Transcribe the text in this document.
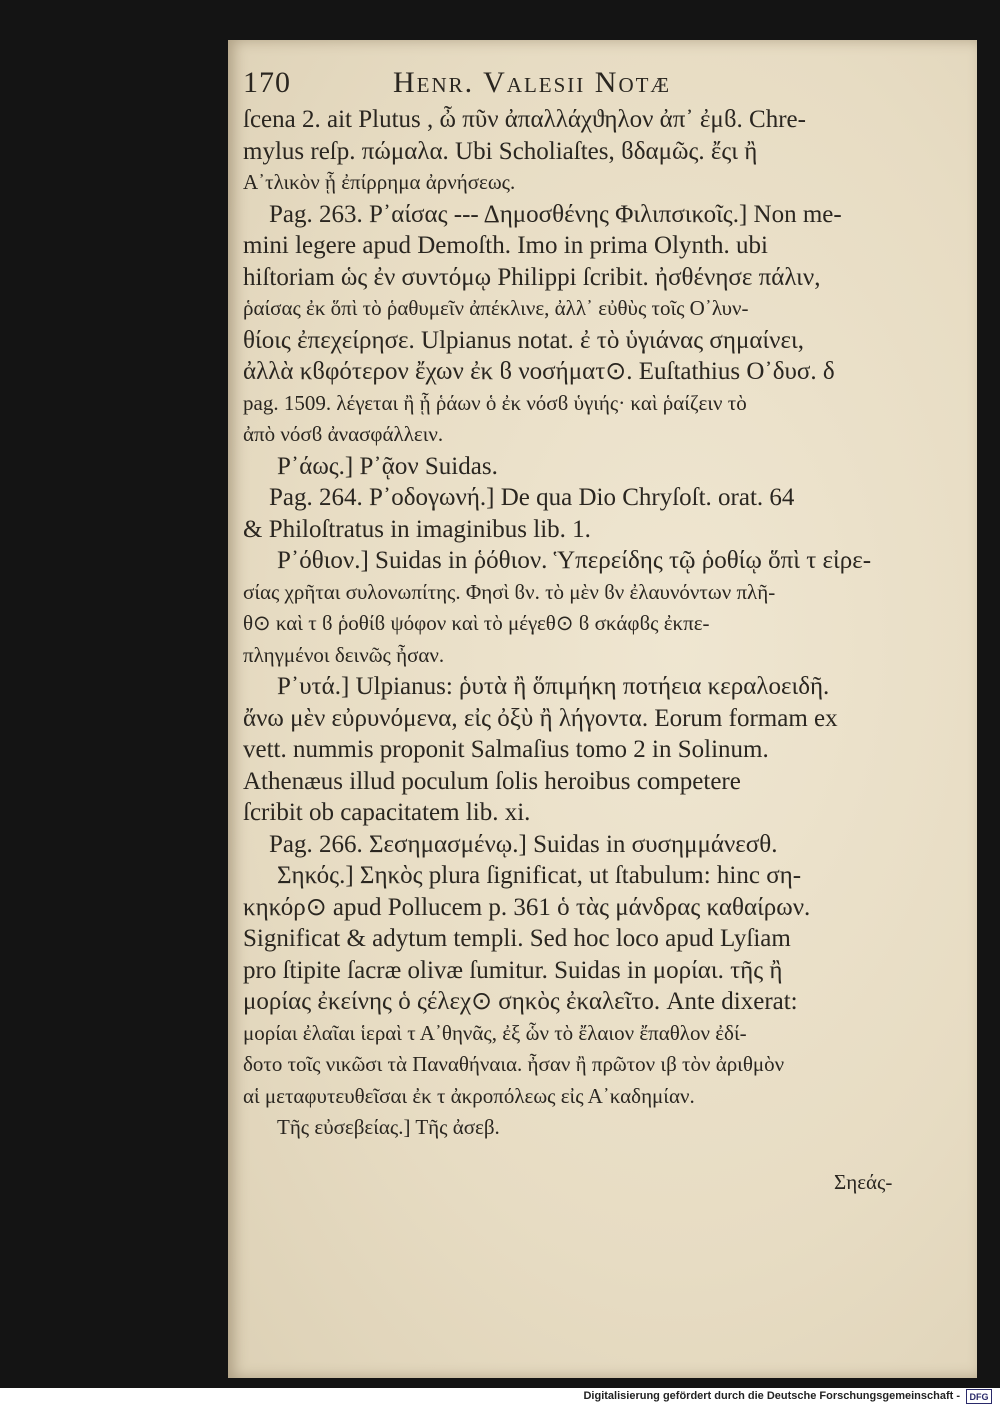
170	Henr. Valesii Notæ
ſcena 2. ait Plutus , ὦ πῦν ἀπαλλάχϑηλον ἀπ᾽ ἐμϐ. Chre-
mylus reſp. πώμαλα. Ubi Scholiaſtes, ϐδαμῶς. ἔςι ἢ
Α᾽τλικὸν ᾗ ἐπίρρημα ἀρνήσεως.
Pag. 263. Ρ᾽αίσας --- Δημοσθένης Φιλιπσικοῖς.] Non me-
mini legere apud Demoſth. Imo in prima Olynth. ubi
hiſtoriam ὡς ἐν συντόμῳ Philippi ſcribit. ἠσθένησε πάλιν,
ῥαίσας ἐκ ὅπὶ τὸ ῥαθυμεῖν ἀπέκλινε, ἀλλ᾽ εὐθὺς τοῖς Ο᾽λυν-
θίοις ἐπεχείρησε. Ulpianus notat. ἐ τὸ ὑγιάνας σημαίνει,
ἀλλὰ κϐφότερον ἔχων ἐκ ϐ νοσήματ⊙. Euſtathius Ο᾽δυσ. δ
pag. 1509. λέγεται ἢ ᾗ ῥάων ὁ ἐκ νόσϐ ὑγιής· καὶ ῥαίζειν τὸ
ἀπὸ νόσϐ ἀνασφάλλειν.
Ρ᾽άως.] Ρ᾽ᾷον Suidas.
Pag. 264. Ρ᾽οδογωνή.] De qua Dio Chryſoſt. orat. 64
& Philoſtratus in imaginibus lib. 1.
Ρ᾽όθιον.] Suidas in ῥόθιον. Ὑπερείδης τῷ ῥοθίῳ ὅπὶ τ εἰρε-
σίας χρῆται συλονωπίτης. Φησὶ ϐν. τὸ μὲν ϐν ἐλαυνόντων πλῆ-
θ⊙ καὶ τ ϐ ῥοθίϐ ψόφον καὶ τὸ μέγεθ⊙ ϐ σκάφϐς ἐκπε-
πληγμένοι δεινῶς ἦσαν.
Ρ᾽υτά.] Ulpianus: ῥυτὰ ἢ ὅπιμήκη ποτήεια κεραλοειδῆ.
ἄνω μὲν εὐρυνόμενα, εἰς ὀξὺ ἢ λήγοντα. Eorum formam ex
vett. nummis proponit Salmaſius tomo 2 in Solinum.
Athenæus illud poculum ſolis heroibus competere
ſcribit ob capacitatem lib. xi.
Pag. 266. Σεσημασμένῳ.] Suidas in συσημμάνεσθ.
Σηκός.] Σηκὸς plura ſignificat, ut ſtabulum: hinc ση-
κηκόρ⊙ apud Pollucem p. 361 ὁ τὰς μάνδρας καθαίρων.
Significat & adytum templi. Sed hoc loco apud Lyſiam
pro ſtipite ſacræ olivæ ſumitur. Suidas in μορίαι. τῆς ἢ
μορίας ἐκείνης ὁ ςέλεχ⊙ σηκὸς ἐκαλεῖτο. Ante dixerat:
μορίαι ἐλαῖαι ἱεραὶ τ Α᾽θηνᾶς, ἐξ ὧν τὸ ἔλαιον ἔπαθλον ἐδί-
δοτο τοῖς νικῶσι τὰ Παναθήναια. ἦσαν ἢ πρῶτον ιβ τὸν ἀριθμὸν
αἱ μεταφυτευθεῖσαι ἐκ τ ἀκροπόλεως εἰς Α᾽καδημίαν.
Τῆς εὐσεβείας.] Τῆς ἀσεβ.
Σηεάς-
Digitalisierung gefördert durch die Deutsche Forschungsgemeinschaft -	DFG
